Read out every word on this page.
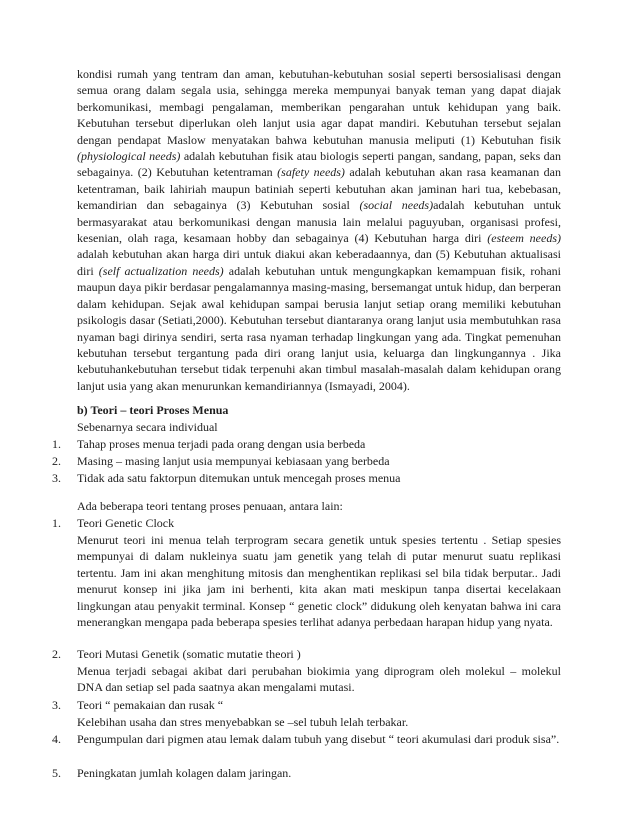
kondisi rumah yang tentram dan aman, kebutuhan-kebutuhan sosial seperti bersosialisasi dengan semua orang dalam segala usia, sehingga mereka mempunyai banyak teman yang dapat diajak berkomunikasi, membagi pengalaman, memberikan pengarahan untuk kehidupan yang baik. Kebutuhan tersebut diperlukan oleh lanjut usia agar dapat mandiri. Kebutuhan tersebut sejalan dengan pendapat Maslow menyatakan bahwa kebutuhan manusia meliputi (1) Kebutuhan fisik (physiological needs) adalah kebutuhan fisik atau biologis seperti pangan, sandang, papan, seks dan sebagainya. (2) Kebutuhan ketentraman (safety needs) adalah kebutuhan akan rasa keamanan dan ketentraman, baik lahiriah maupun batiniah seperti kebutuhan akan jaminan hari tua, kebebasan, kemandirian dan sebagainya (3) Kebutuhan sosial (social needs)adalah kebutuhan untuk bermasyarakat atau berkomunikasi dengan manusia lain melalui paguyuban, organisasi profesi, kesenian, olah raga, kesamaan hobby dan sebagainya (4) Kebutuhan harga diri (esteem needs) adalah kebutuhan akan harga diri untuk diakui akan keberadaannya, dan (5) Kebutuhan aktualisasi diri (self actualization needs) adalah kebutuhan untuk mengungkapkan kemampuan fisik, rohani maupun daya pikir berdasar pengalamannya masing-masing, bersemangat untuk hidup, dan berperan dalam kehidupan. Sejak awal kehidupan sampai berusia lanjut setiap orang memiliki kebutuhan psikologis dasar (Setiati,2000). Kebutuhan tersebut diantaranya orang lanjut usia membutuhkan rasa nyaman bagi dirinya sendiri, serta rasa nyaman terhadap lingkungan yang ada. Tingkat pemenuhan kebutuhan tersebut tergantung pada diri orang lanjut usia, keluarga dan lingkungannya . Jika kebutuhankebutuhan tersebut tidak terpenuhi akan timbul masalah-masalah dalam kehidupan orang lanjut usia yang akan menurunkan kemandiriannya (Ismayadi, 2004).

b) Teori – teori Proses Menua

Sebenarnya secara individual

1. Tahap proses menua terjadi pada orang dengan usia berbeda

2. Masing – masing lanjut usia mempunyai kebiasaan yang berbeda

3. Tidak ada satu faktorpun ditemukan untuk mencegah proses menua

Ada beberapa teori tentang proses penuaan, antara lain:

1. Teori Genetic Clock

Menurut teori ini menua telah terprogram secara genetik untuk spesies tertentu . Setiap spesies mempunyai di dalam nukleinya suatu jam genetik yang telah di putar menurut suatu replikasi tertentu. Jam ini akan menghitung mitosis dan menghentikan replikasi sel bila tidak berputar.. Jadi menurut konsep ini jika jam ini berhenti, kita akan mati meskipun tanpa disertai kecelakaan lingkungan atau penyakit terminal. Konsep “ genetic clock” didukung oleh kenyatan bahwa ini cara menerangkan mengapa pada beberapa spesies terlihat adanya perbedaan harapan hidup yang nyata.

2. Teori Mutasi Genetik (somatic mutatie theori )

Menua terjadi sebagai akibat dari perubahan biokimia yang diprogram oleh molekul – molekul DNA dan setiap sel pada saatnya akan mengalami mutasi.

3. Teori “ pemakaian dan rusak “

Kelebihan usaha dan stres menyebabkan se –sel tubuh lelah terbakar.

4. Pengumpulan dari pigmen atau lemak dalam tubuh yang disebut “ teori akumulasi dari produk sisa”.

5. Peningkatan jumlah kolagen dalam jaringan.
